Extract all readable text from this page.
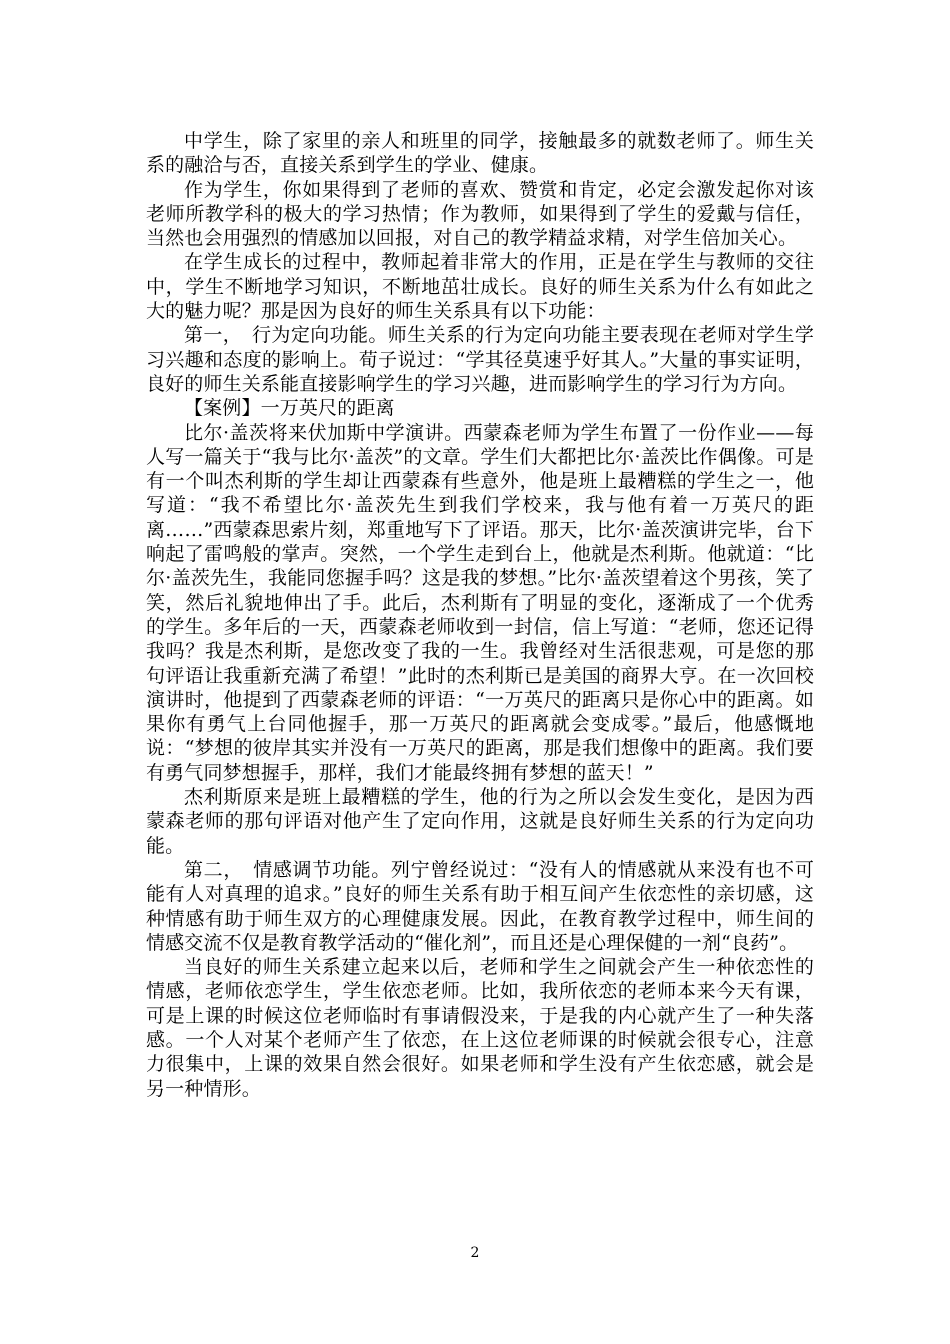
中学生，除了家里的亲人和班里的同学，接触最多的就数老师了。师生关系的融洽与否，直接关系到学生的学业、健康。

作为学生，你如果得到了老师的喜欢、赞赏和肯定，必定会激发起你对该老师所教学科的极大的学习热情；作为教师，如果得到了学生的爱戴与信任，当然也会用强烈的情感加以回报，对自己的教学精益求精，对学生倍加关心。

在学生成长的过程中，教师起着非常大的作用，正是在学生与教师的交往中，学生不断地学习知识，不断地茁壮成长。良好的师生关系为什么有如此之大的魅力呢？那是因为良好的师生关系具有以下功能：

第一，　行为定向功能。师生关系的行为定向功能主要表现在老师对学生学习兴趣和态度的影响上。荀子说过：“学其径莫速乎好其人。”大量的事实证明，良好的师生关系能直接影响学生的学习兴趣，进而影响学生的学习行为方向。

【案例】一万英尺的距离

比尔·盖茨将来伏加斯中学演讲。西蒙森老师为学生布置了一份作业——每人写一篇关于“我与比尔·盖茨”的文章。学生们大都把比尔·盖茨比作偶像。可是有一个叫杰利斯的学生却让西蒙森有些意外，他是班上最糟糕的学生之一，他写道：“我不希望比尔·盖茨先生到我们学校来，我与他有着一万英尺的距离……”西蒙森思索片刻，郑重地写下了评语。那天，比尔·盖茨演讲完毕，台下响起了雷鸣般的掌声。突然，一个学生走到台上，他就是杰利斯。他就道：“比尔·盖茨先生，我能同您握手吗？这是我的梦想。”比尔·盖茨望着这个男孩，笑了笑，然后礼貌地伸出了手。此后，杰利斯有了明显的变化，逐渐成了一个优秀的学生。多年后的一天，西蒙森老师收到一封信，信上写道：“老师，您还记得我吗？我是杰利斯，是您改变了我的一生。我曾经对生活很悲观，可是您的那句评语让我重新充满了希望！”此时的杰利斯已是美国的商界大亨。在一次回校演讲时，他提到了西蒙森老师的评语：“一万英尺的距离只是你心中的距离。如果你有勇气上台同他握手，那一万英尺的距离就会变成零。”最后，他感慨地说：“梦想的彼岸其实并没有一万英尺的距离，那是我们想像中的距离。我们要有勇气同梦想握手，那样，我们才能最终拥有梦想的蓝天！”

杰利斯原来是班上最糟糕的学生，他的行为之所以会发生变化，是因为西蒙森老师的那句评语对他产生了定向作用，这就是良好师生关系的行为定向功能。

第二，　情感调节功能。列宁曾经说过：“没有人的情感就从来没有也不可能有人对真理的追求。”良好的师生关系有助于相互间产生依恋性的亲切感，这种情感有助于师生双方的心理健康发展。因此，在教育教学过程中，师生间的情感交流不仅是教育教学活动的“催化剂”，而且还是心理保健的一剂“良药”。

当良好的师生关系建立起来以后，老师和学生之间就会产生一种依恋性的情感，老师依恋学生，学生依恋老师。比如，我所依恋的老师本来今天有课，可是上课的时候这位老师临时有事请假没来，于是我的内心就产生了一种失落感。一个人对某个老师产生了依恋，在上这位老师课的时候就会很专心，注意力很集中，上课的效果自然会很好。如果老师和学生没有产生依恋感，就会是另一种情形。

2
